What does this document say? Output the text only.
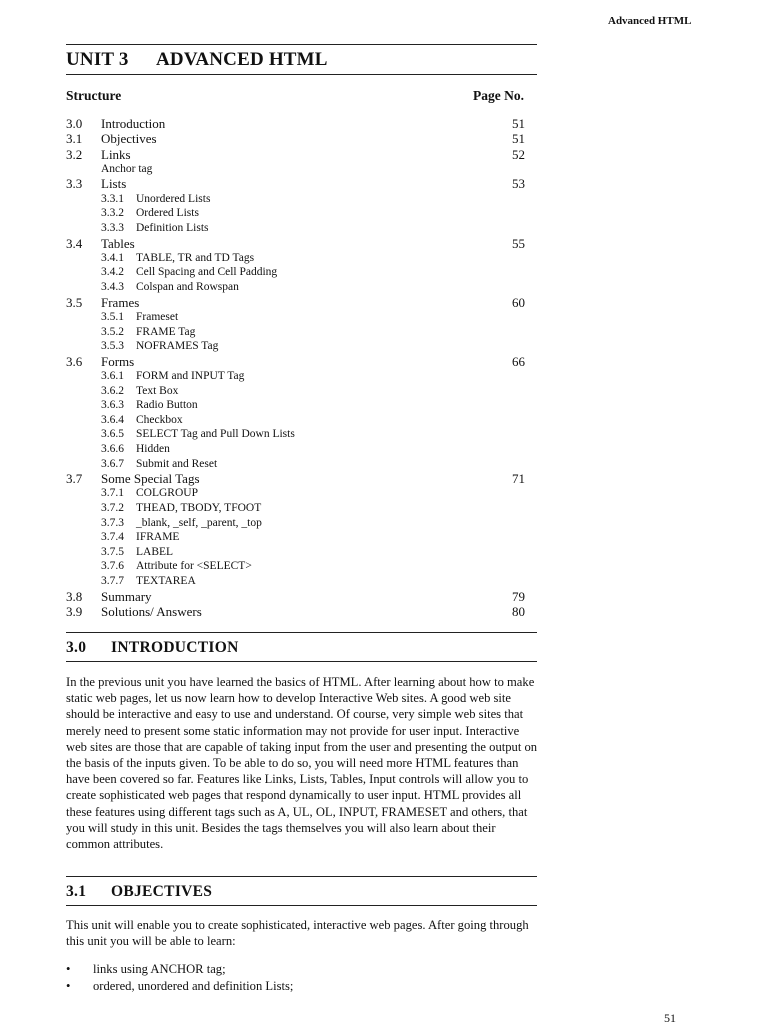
Advanced HTML
UNIT 3 ADVANCED HTML
Structure	Page No.
3.0 Introduction	51
3.1 Objectives	51
3.2 Links	52
Anchor tag
3.3 Lists	53
3.3.1 Unordered Lists
3.3.2 Ordered Lists
3.3.3 Definition Lists
3.4 Tables	55
3.4.1 TABLE, TR and TD Tags
3.4.2 Cell Spacing and Cell Padding
3.4.3 Colspan and Rowspan
3.5 Frames	60
3.5.1 Frameset
3.5.2 FRAME Tag
3.5.3 NOFRAMES Tag
3.6 Forms	66
3.6.1 FORM and INPUT Tag
3.6.2 Text Box
3.6.3 Radio Button
3.6.4 Checkbox
3.6.5 SELECT Tag and Pull Down Lists
3.6.6 Hidden
3.6.7 Submit and Reset
3.7 Some Special Tags	71
3.7.1 COLGROUP
3.7.2 THEAD, TBODY, TFOOT
3.7.3 _blank, _self, _parent, _top
3.7.4 IFRAME
3.7.5 LABEL
3.7.6 Attribute for <SELECT>
3.7.7 TEXTAREA
3.8 Summary	79
3.9 Solutions/ Answers	80
3.0 INTRODUCTION

In the previous unit you have learned the basics of HTML. After learning about how to make static web pages, let us now learn how to develop Interactive Web sites. A good web site should be interactive and easy to use and understand. Of course, very simple web sites that merely need to present some static information may not provide for user input. Interactive web sites are those that are capable of taking input from the user and presenting the output on the basis of the inputs given. To be able to do so, you will need more HTML features than have been covered so far. Features like Links, Lists, Tables, Input controls will allow you to create sophisticated web pages that respond dynamically to user input. HTML provides all these features using different tags such as A, UL, OL, INPUT, FRAMESET and others, that you will study in this unit. Besides the tags themselves you will also learn about their common attributes.

3.1 OBJECTIVES

This unit will enable you to create sophisticated, interactive web pages. After going through this unit you will be able to learn:

• links using ANCHOR tag;
• ordered, unordered and definition Lists;
51
